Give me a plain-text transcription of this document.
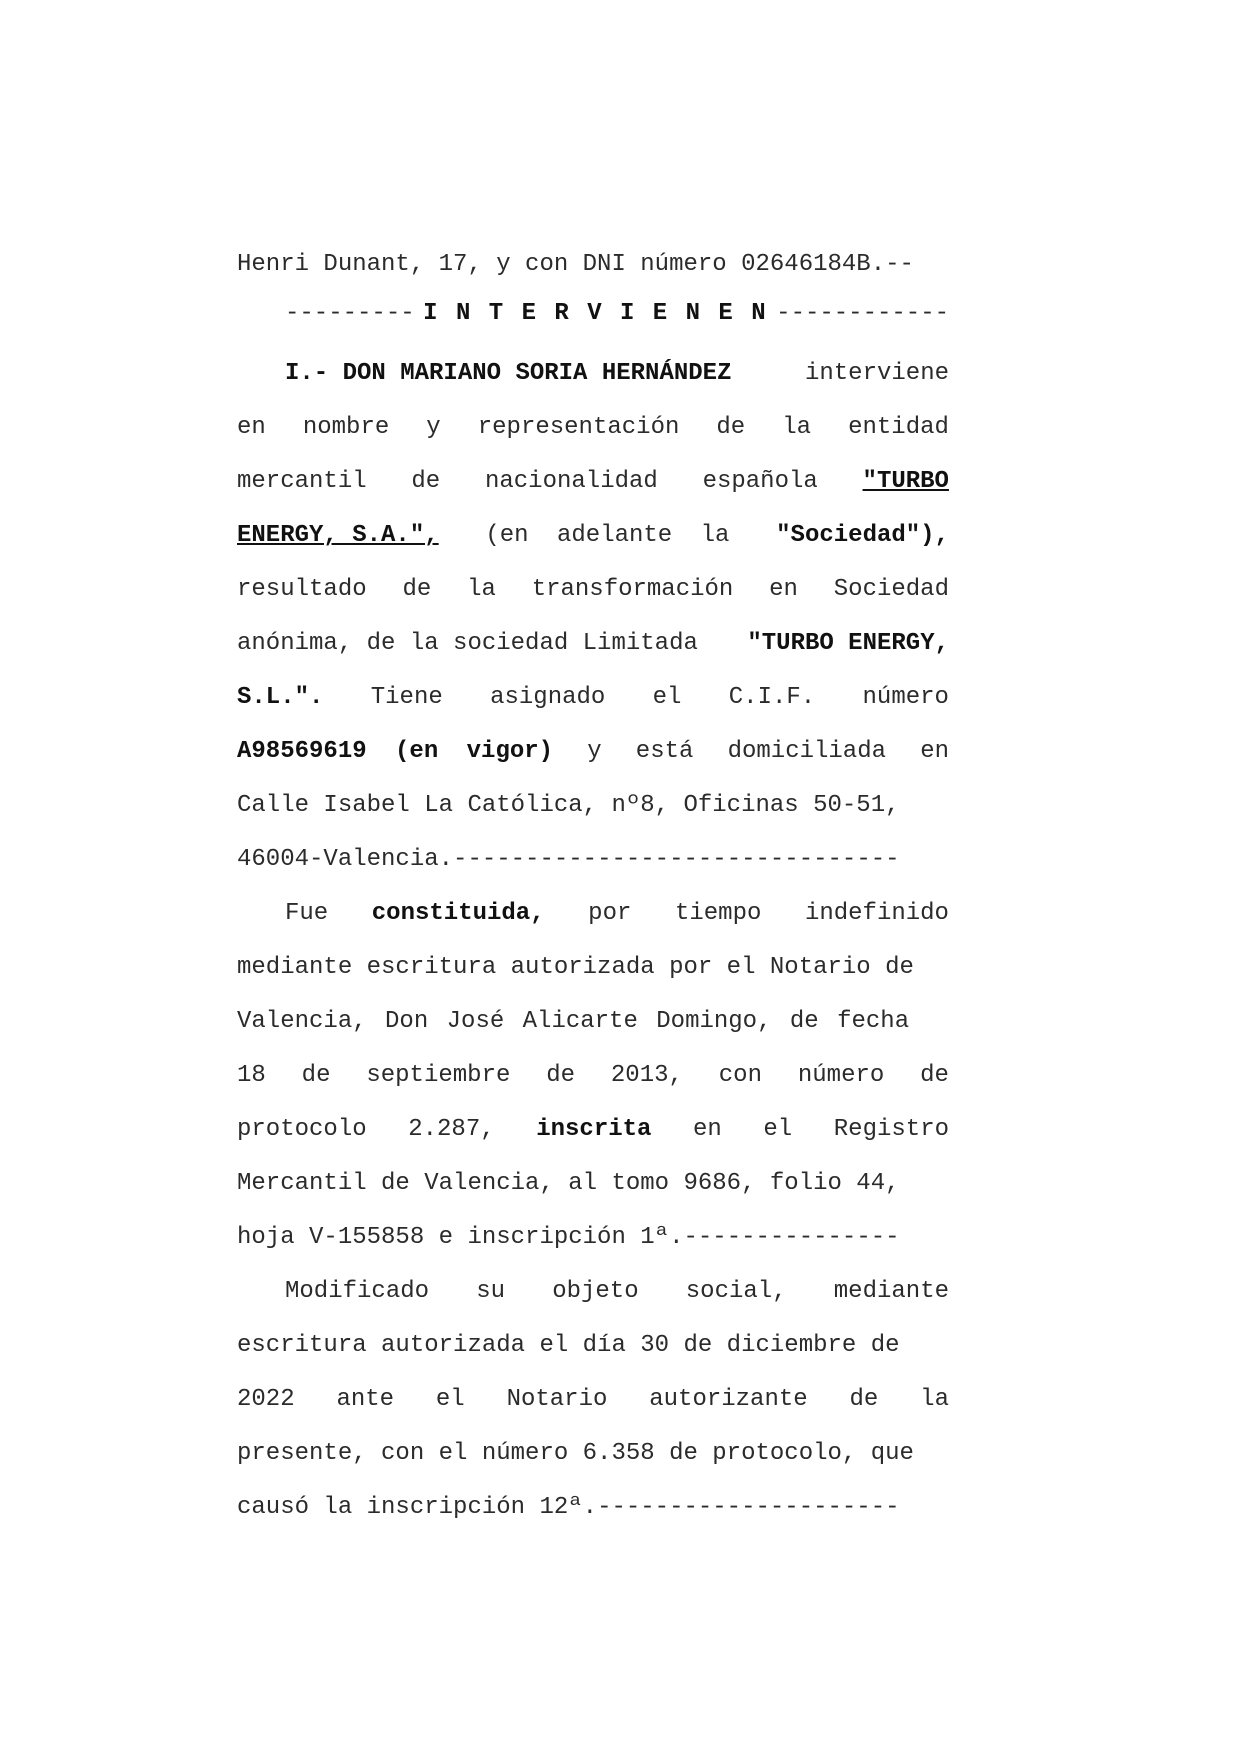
Henri Dunant, 17, y con DNI número 02646184B.--
--------- I N T E R V I E N E N ------------
I.- DON MARIANO SORIA HERNÁNDEZ	interviene
en nombre y representación de la entidad
mercantil de nacionalidad española "TURBO
ENERGY, S.A.", (en adelante la "Sociedad"),
resultado de la transformación en Sociedad
anónima, de la sociedad Limitada "TURBO ENERGY,
S.L.". Tiene asignado el C.I.F. número
A98569619 (en vigor) y está domiciliada en
Calle Isabel La Católica, nº8, Oficinas 50-51,
46004-Valencia. -------------------------------
Fue constituida, por tiempo indefinido
mediante escritura autorizada por el Notario de
Valencia, Don José Alicarte Domingo, de fecha
18 de septiembre de 2013, con número de
protocolo 2.287, inscrita en el Registro
Mercantil de Valencia, al tomo 9686, folio 44,
hoja V-155858 e inscripción 1ª. ---------------
Modificado su objeto social, mediante
escritura autorizada el día 30 de diciembre de
2022 ante el Notario autorizante de la
presente, con el número 6.358 de protocolo, que
causó la inscripción 12ª. ---------------------
